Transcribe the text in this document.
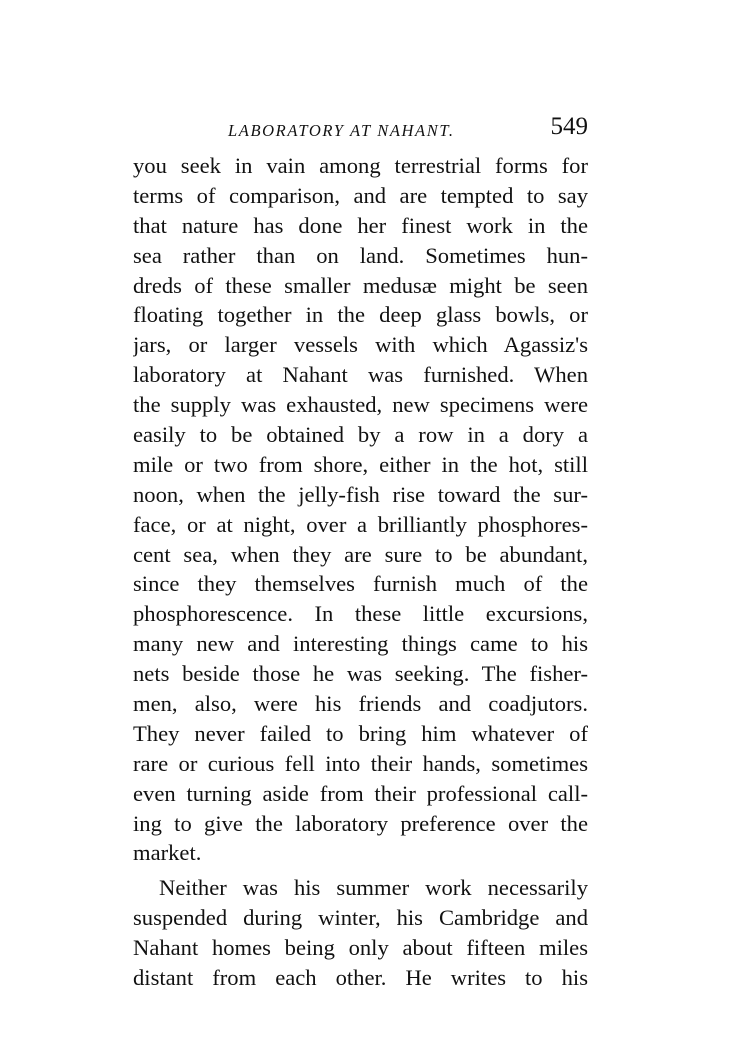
LABORATORY AT NAHANT.	549
you seek in vain among terrestrial forms for
terms of comparison, and are tempted to say
that nature has done her finest work in the
sea rather than on land. Sometimes hun-
dreds of these smaller medusæ might be seen
floating together in the deep glass bowls, or
jars, or larger vessels with which Agassiz's
laboratory at Nahant was furnished. When
the supply was exhausted, new specimens were
easily to be obtained by a row in a dory a
mile or two from shore, either in the hot, still
noon, when the jelly-fish rise toward the sur-
face, or at night, over a brilliantly phosphores-
cent sea, when they are sure to be abundant,
since they themselves furnish much of the
phosphorescence. In these little excursions,
many new and interesting things came to his
nets beside those he was seeking. The fisher-
men, also, were his friends and coadjutors.
They never failed to bring him whatever of
rare or curious fell into their hands, sometimes
even turning aside from their professional call-
ing to give the laboratory preference over the
market.
Neither was his summer work necessarily
suspended during winter, his Cambridge and
Nahant homes being only about fifteen miles
distant from each other. He writes to his
